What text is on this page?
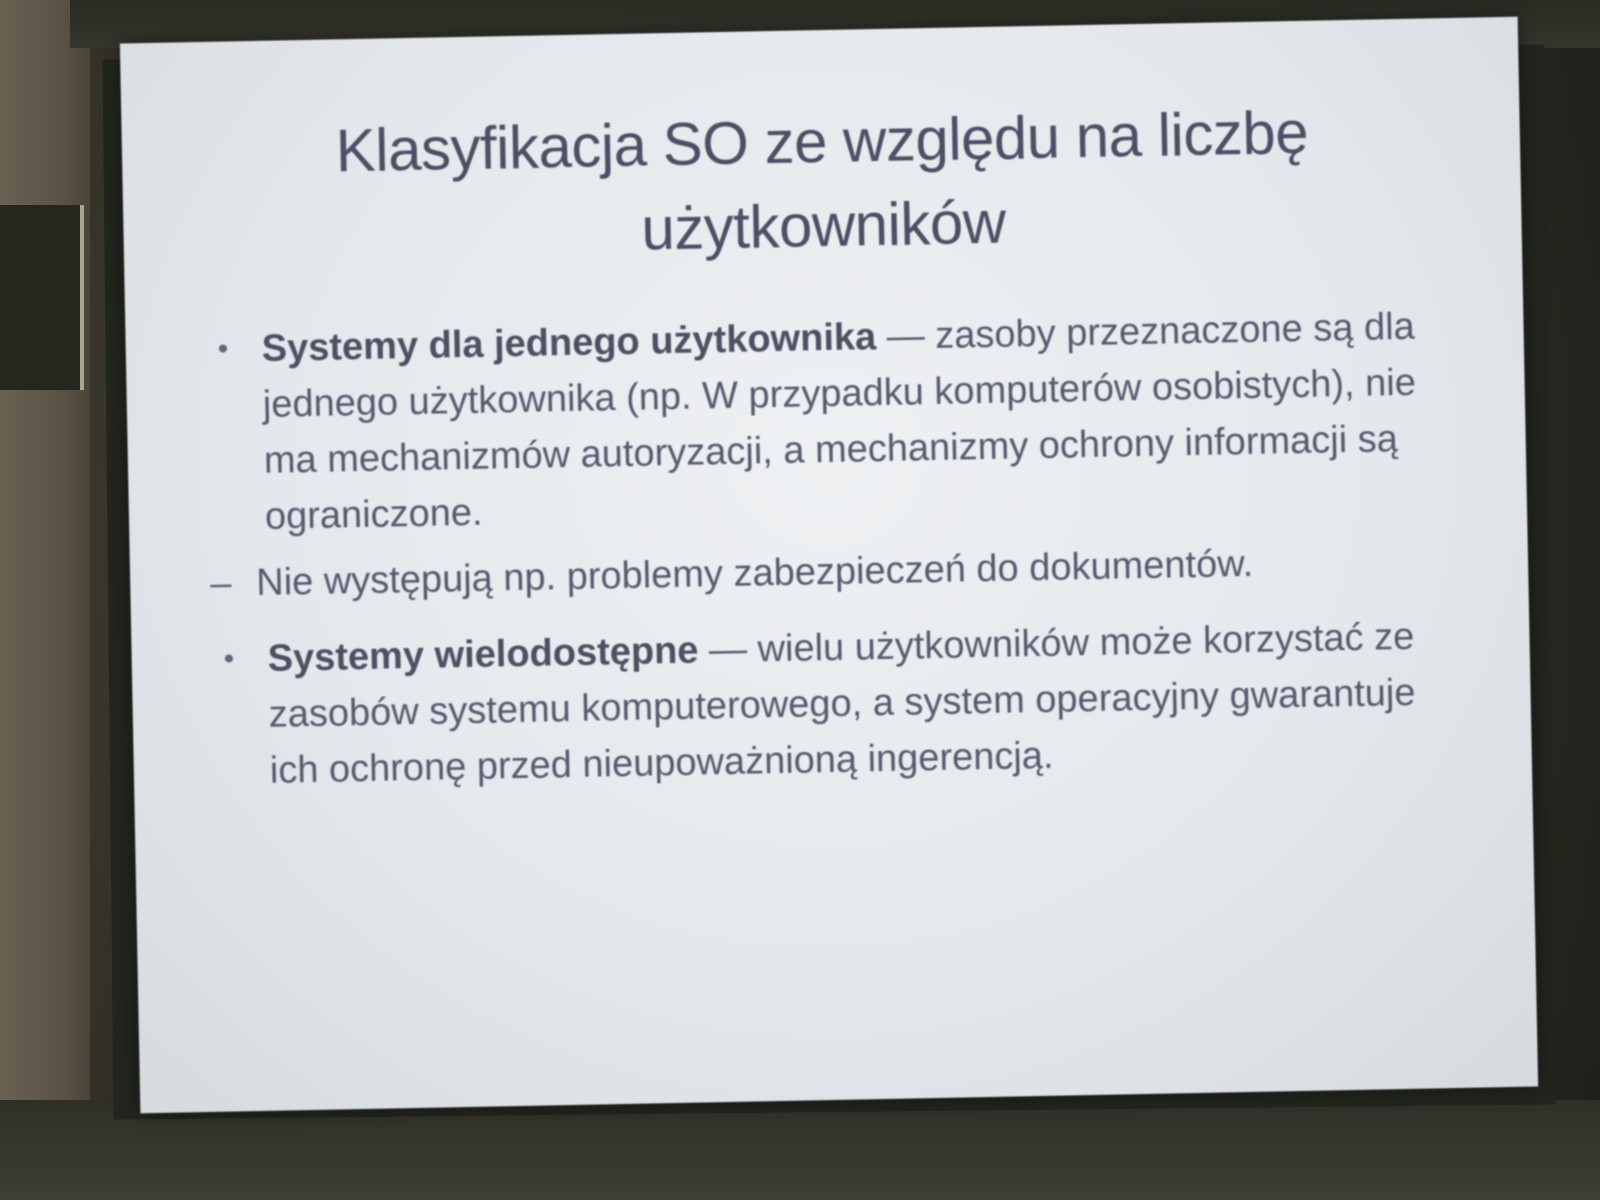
Klasyfikacja SO ze względu na liczbę użytkowników
• Systemy dla jednego użytkownika — zasoby przeznaczone są dla jednego użytkownika (np. W przypadku komputerów osobistych), nie ma mechanizmów autoryzacji, a mechanizmy ochrony informacji są ograniczone.
– Nie występują np. problemy zabezpieczeń do dokumentów.
• Systemy wielodostępne — wielu użytkowników może korzystać ze zasobów systemu komputerowego, a system operacyjny gwarantuje ich ochronę przed nieupoważnioną ingerencją.
